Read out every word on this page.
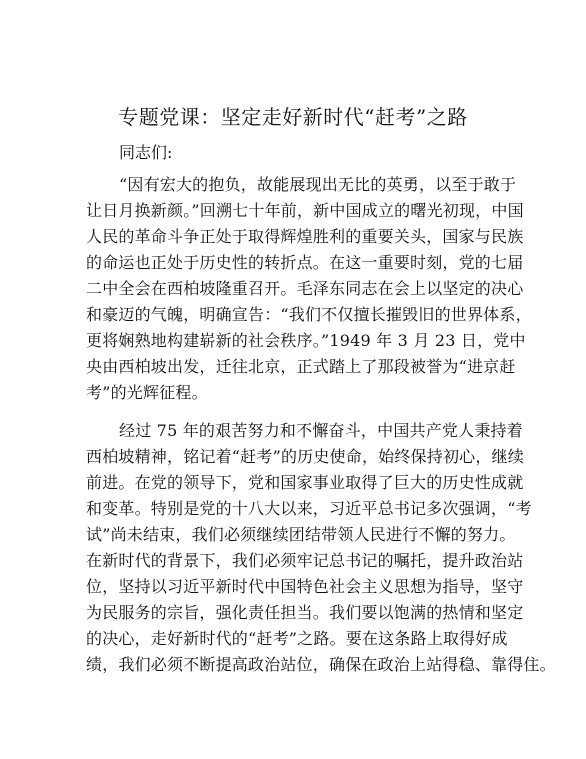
专题党课：坚定走好新时代“赶考”之路
同志们:
“因有宏大的抱负，故能展现出无比的英勇，以至于敢于
让日月换新颜。”回溯七十年前，新中国成立的曙光初现，中国
人民的革命斗争正处于取得辉煌胜利的重要关头，国家与民族
的命运也正处于历史性的转折点。在这一重要时刻，党的七届
二中全会在西柏坡隆重召开。毛泽东同志在会上以坚定的决心
和豪迈的气魄，明确宣告：“我们不仅擅长摧毁旧的世界体系，
更将娴熟地构建崭新的社会秩序。”1949 年 3 月 23 日，党中
央由西柏坡出发，迁往北京，正式踏上了那段被誉为“进京赶
考”的光辉征程。
经过 75 年的艰苦努力和不懈奋斗，中国共产党人秉持着
西柏坡精神，铭记着“赶考”的历史使命，始终保持初心，继续
前进。在党的领导下，党和国家事业取得了巨大的历史性成就
和变革。特别是党的十八大以来，习近平总书记多次强调，“考
试”尚未结束，我们必须继续团结带领人民进行不懈的努力。
在新时代的背景下，我们必须牢记总书记的嘱托，提升政治站
位，坚持以习近平新时代中国特色社会主义思想为指导，坚守
为民服务的宗旨，强化责任担当。我们要以饱满的热情和坚定
的决心，走好新时代的“赶考”之路。要在这条路上取得好成
绩，我们必须不断提高政治站位，确保在政治上站得稳、靠得住。
